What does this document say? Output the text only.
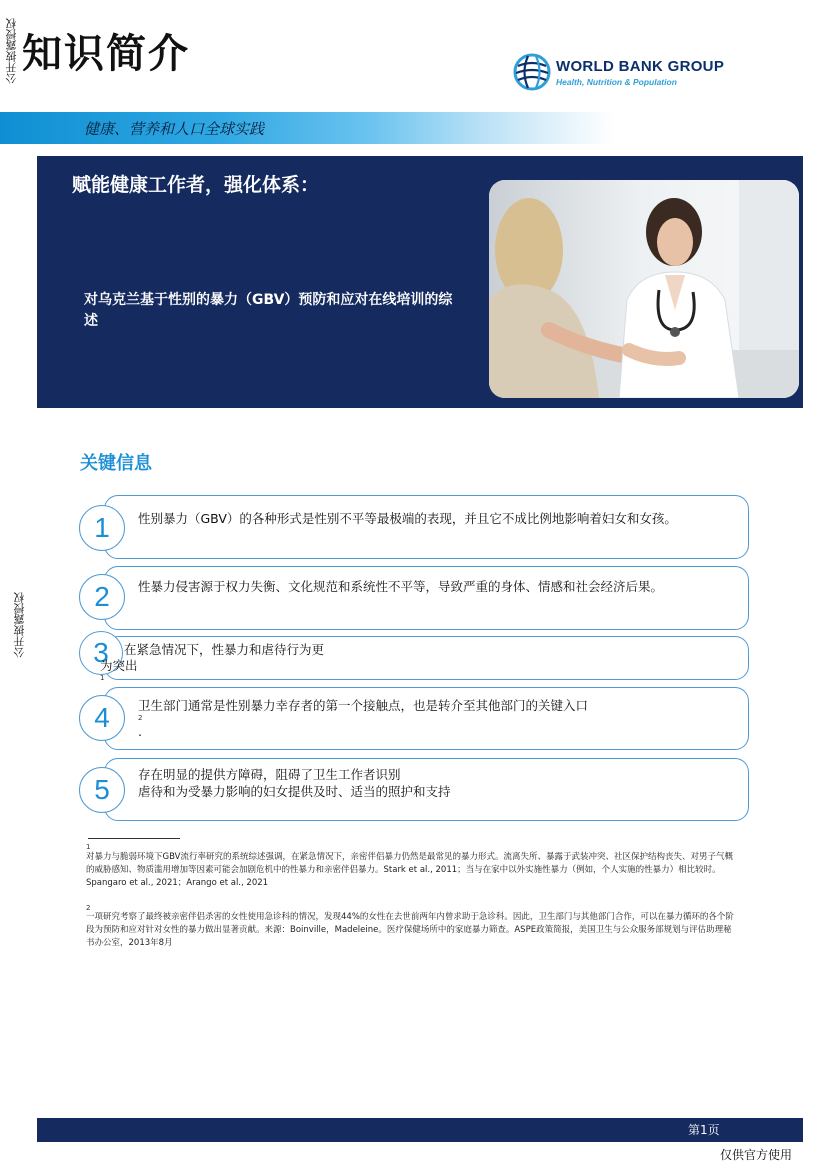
公开披露授权
公开披露授权
知识简介	WORLD BANK GROUP
Health, Nutrition & Population
健康、营养和人口全球实践
赋能健康工作者，强化体系：
对乌克兰基于性别的暴力（GBV）预防和应对在线培训的综述
关键信息
1	性别暴力（GBV）的各种形式是性别不平等最极端的表现，并且它不成比例地影响着妇女和女孩。
2	性暴力侵害源于权力失衡、文化规范和系统性不平等，导致严重的身体、情感和社会经济后果。
3	在紧急情况下，性暴力和虐待行为更
为突出
1
4	卫生部门通常是性别暴力幸存者的第一个接触点，也是转介至其他部门的关键入口
2
.
5	存在明显的提供方障碍，阻碍了卫生工作者识别
虐待和为受暴力影响的妇女提供及时、适当的照护和支持
1
对暴力与脆弱环境下GBV流行率研究的系统综述强调，在紧急情况下，亲密伴侣暴力仍然是最常见的暴力形式。流离失所、暴露于武装冲突、社区保护结构丧失、对男子气概的威胁感知、物质滥用增加等因素可能会加剧危机中的性暴力和亲密伴侣暴力。Stark et al., 2011；当与在家中以外实施性暴力（例如，个人实施的性暴力）相比较时。Spangaro et al., 2021；Arango et al., 2021
2
一项研究考察了最终被亲密伴侣杀害的女性使用急诊科的情况，发现44%的女性在去世前两年内曾求助于急诊科。因此，卫生部门与其他部门合作，可以在暴力循环的各个阶段为预防和应对针对女性的暴力做出显著贡献。来源：Boinville，Madeleine。医疗保健场所中的家庭暴力筛查。ASPE政策简报，美国卫生与公众服务部规划与评估助理秘书办公室，2013年8月
第1页
仅供官方使用
